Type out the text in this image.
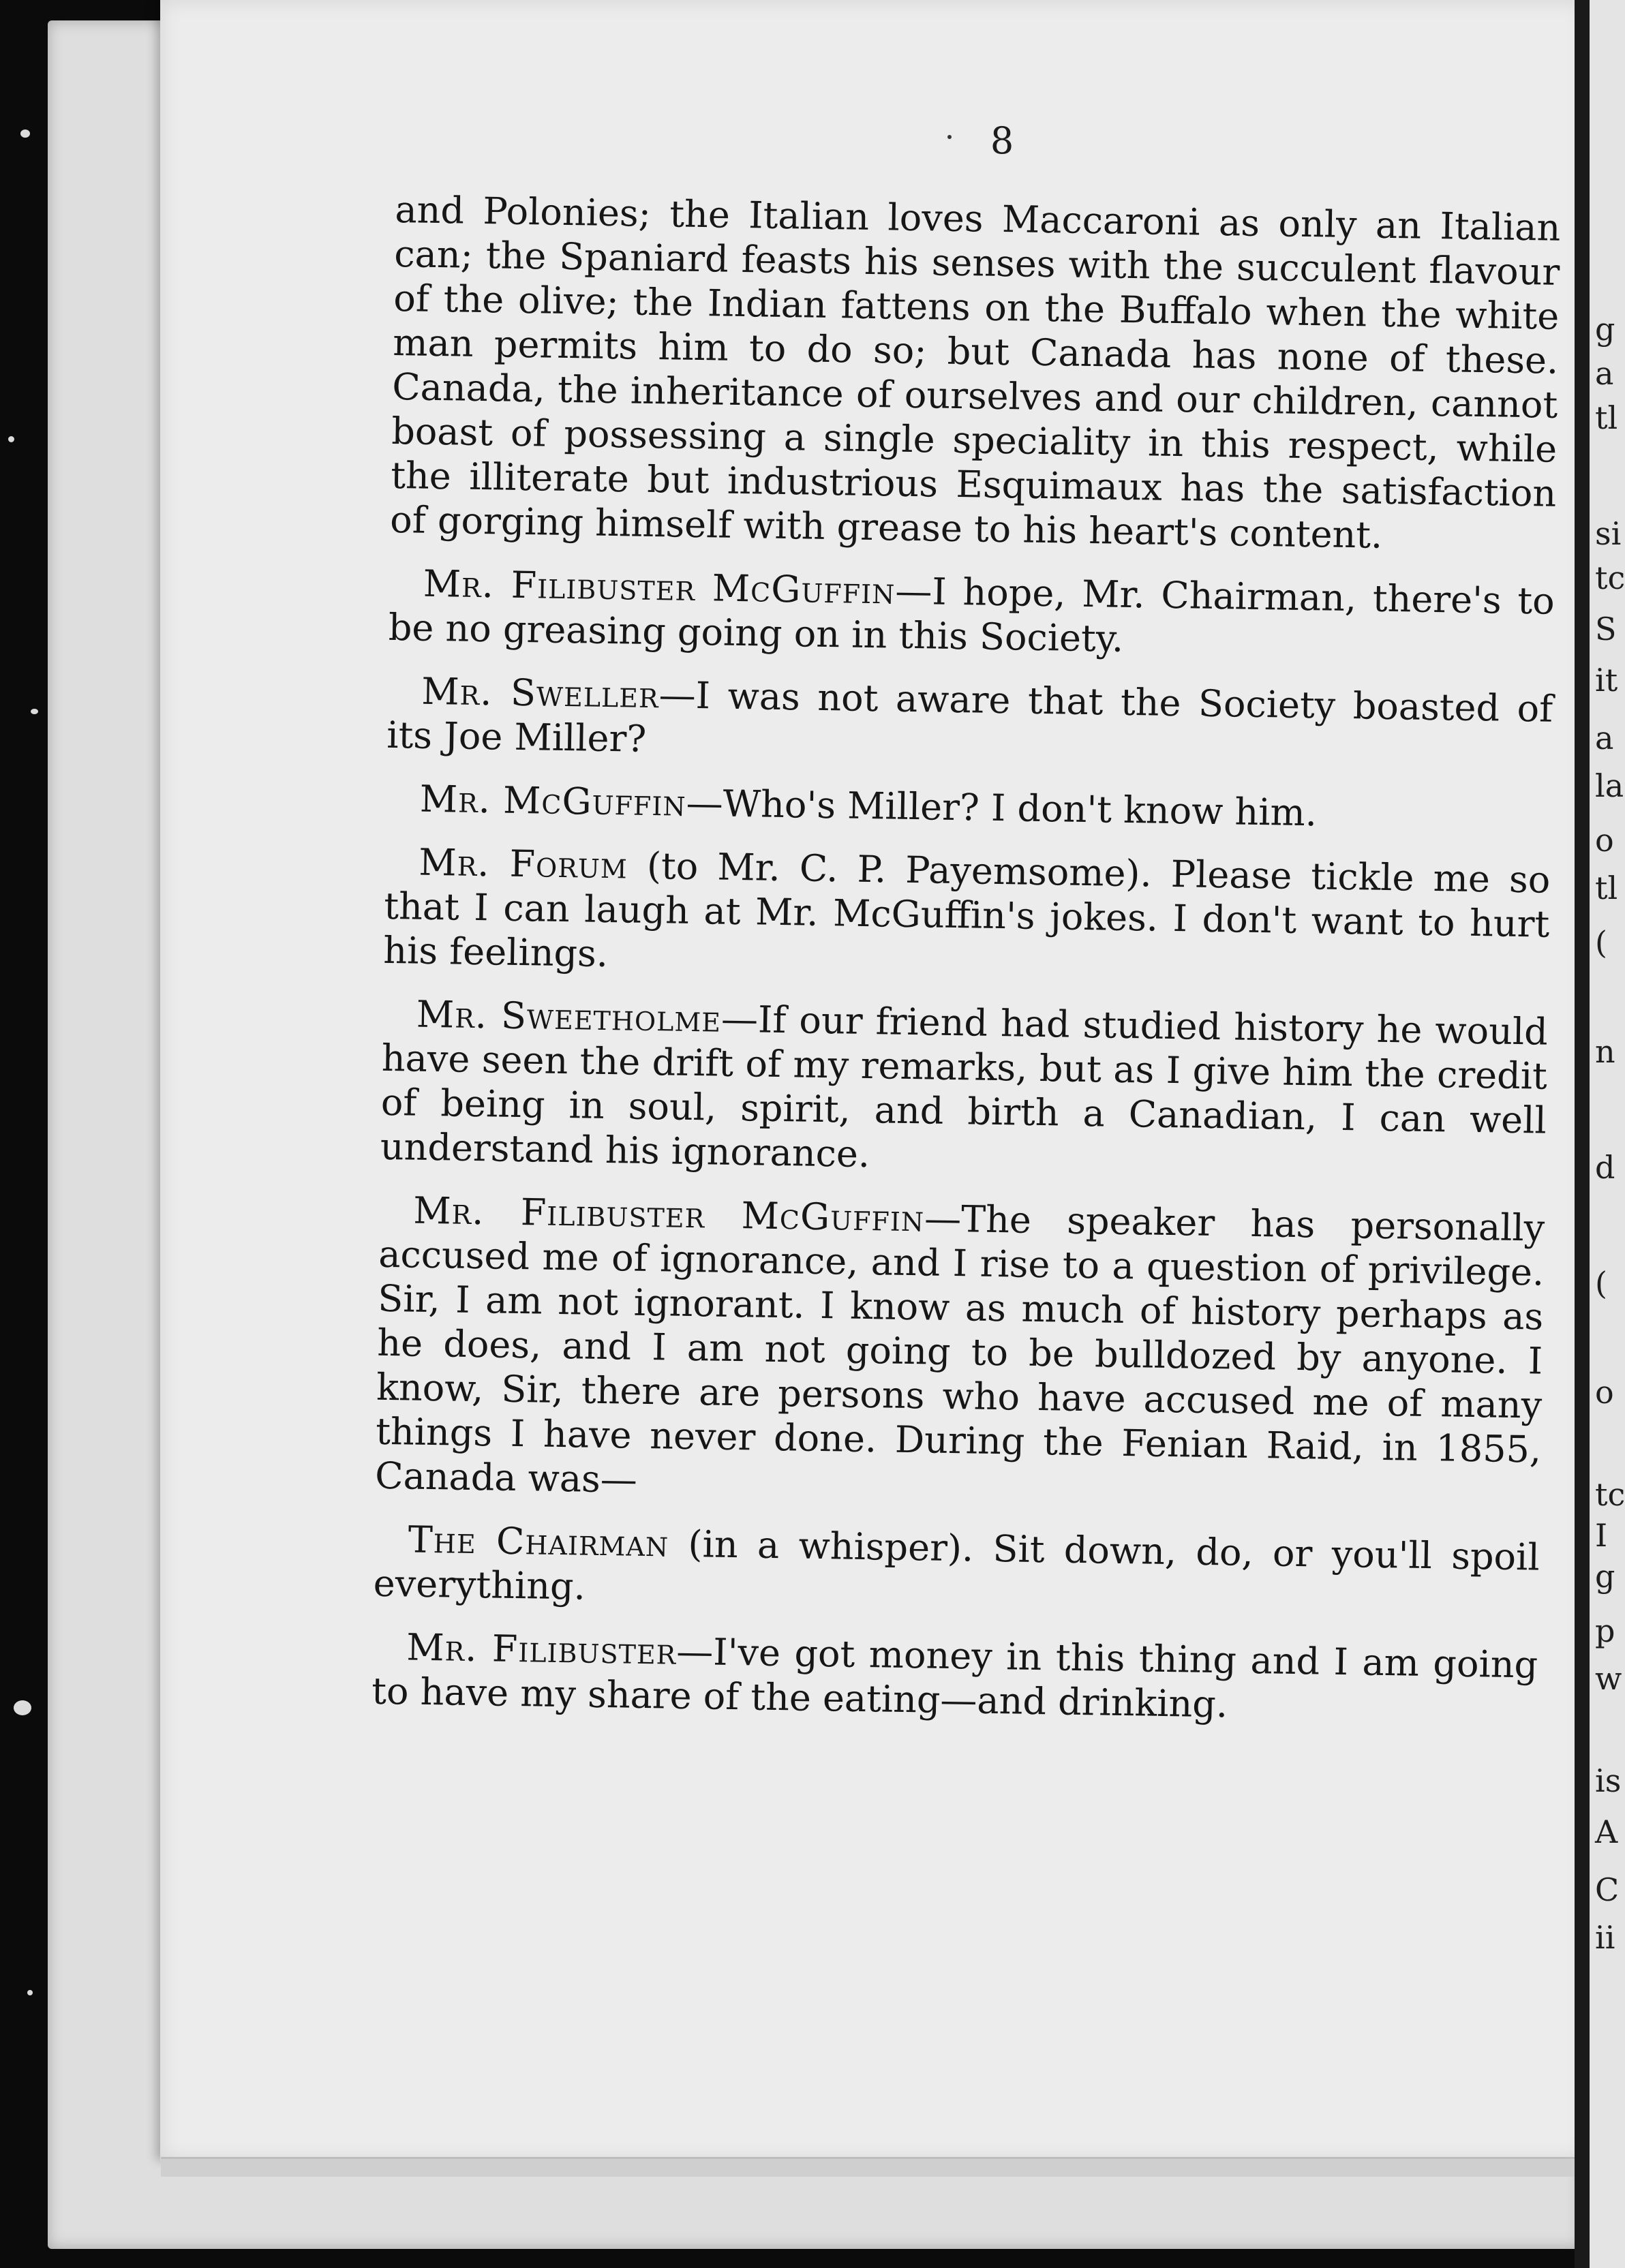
g
a
tl
si
tc
S
it
a
la
o
tl
(
n
d
(
o
tc
I
g
p
w
is
A
C
ii
8

and Polonies; the Italian loves Maccaroni as only an Italian can; the Spaniard feasts his senses with the succulent flavour of the olive; the Indian fattens on the Buffalo when the white man permits him to do so; but Canada has none of these. Canada, the inheritance of ourselves and our children, cannot boast of possessing a single speciality in this respect, while the illiterate but industrious Esquimaux has the satisfaction of gorging himself with grease to his heart's content.

Mr. Filibuster McGuffin—I hope, Mr. Chairman, there's to be no greasing going on in this Society.

Mr. Sweller—I was not aware that the Society boasted of its Joe Miller?

Mr. McGuffin—Who's Miller? I don't know him.

Mr. Forum (to Mr. C. P. Payemsome). Please tickle me so that I can laugh at Mr. McGuffin's jokes. I don't want to hurt his feelings.

Mr. Sweetholme—If our friend had studied history he would have seen the drift of my remarks, but as I give him the credit of being in soul, spirit, and birth a Canadian, I can well understand his ignorance.

Mr. Filibuster McGuffin—The speaker has personally accused me of ignorance, and I rise to a question of privilege. Sir, I am not ignorant. I know as much of history perhaps as he does, and I am not going to be bulldozed by anyone. I know, Sir, there are persons who have accused me of many things I have never done. During the Fenian Raid, in 1855, Canada was—

The Chairman (in a whisper). Sit down, do, or you'll spoil everything.

Mr. Filibuster—I've got money in this thing and I am going to have my share of the eating—and drinking.
